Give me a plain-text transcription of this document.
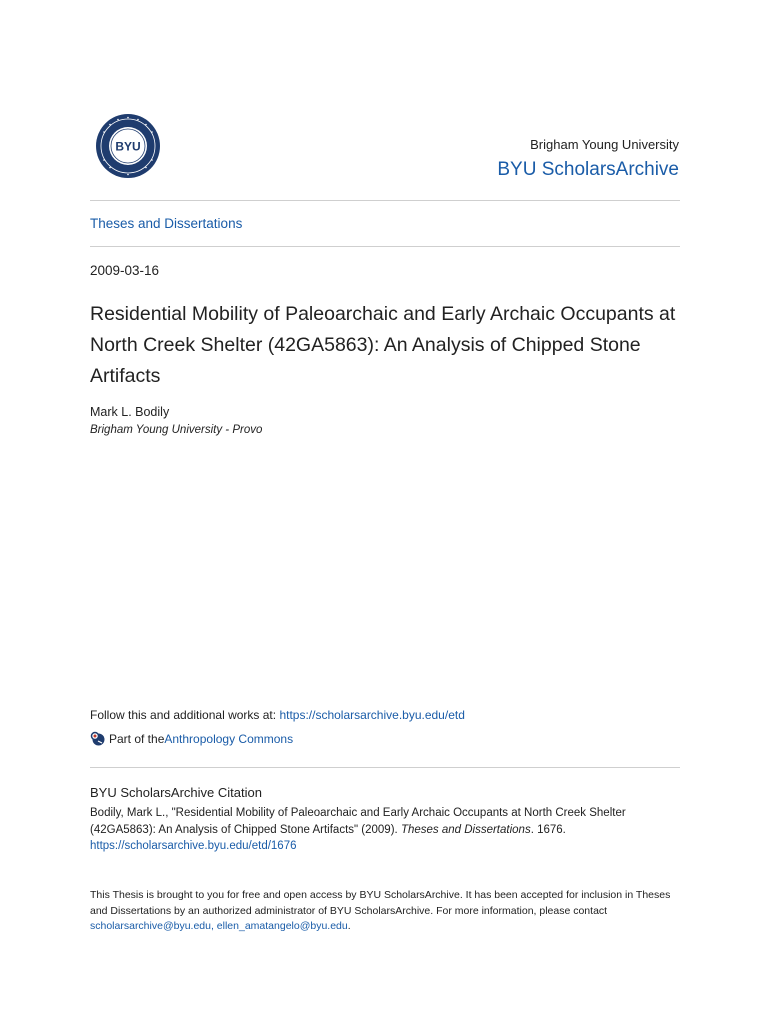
BYU	Brigham Young University
BYU ScholarsArchive
Theses and Dissertations
2009-03-16
Residential Mobility of Paleoarchaic and Early Archaic Occupants at North Creek Shelter (42GA5863): An Analysis of Chipped Stone Artifacts
Mark L. Bodily
Brigham Young University - Provo
Follow this and additional works at: https://scholarsarchive.byu.edu/etd
Part of the Anthropology Commons
BYU ScholarsArchive Citation
Bodily, Mark L., "Residential Mobility of Paleoarchaic and Early Archaic Occupants at North Creek Shelter (42GA5863): An Analysis of Chipped Stone Artifacts" (2009). Theses and Dissertations. 1676.
https://scholarsarchive.byu.edu/etd/1676
This Thesis is brought to you for free and open access by BYU ScholarsArchive. It has been accepted for inclusion in Theses and Dissertations by an authorized administrator of BYU ScholarsArchive. For more information, please contact scholarsarchive@byu.edu, ellen_amatangelo@byu.edu.
